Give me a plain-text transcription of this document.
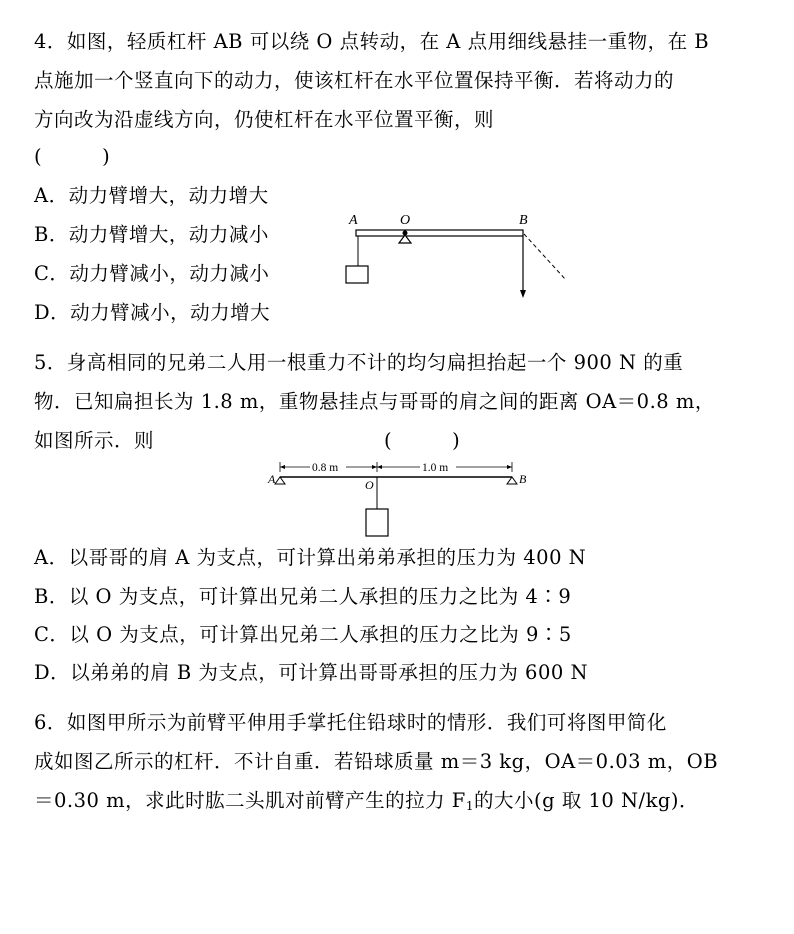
4．如图，轻质杠杆 AB 可以绕 O 点转动，在 A 点用细线悬挂一重物，在 B
点施加一个竖直向下的动力，使该杠杆在水平位置保持平衡．若将动力的
方向改为沿虚线方向，仍使杠杆在水平位置平衡，则
(　　　)
A．动力臂增大，动力增大
B．动力臂增大，动力减小
C．动力臂减小，动力减小
D．动力臂减小，动力增大
A	O	B
5．身高相同的兄弟二人用一根重力不计的均匀扁担抬起一个 900 N 的重
物．已知扁担长为 1.8 m，重物悬挂点与哥哥的肩之间的距离 OA＝0.8 m，
如图所示．则	(　　　)
0.8 m	1.0 m
A	B
O
A．以哥哥的肩 A 为支点，可计算出弟弟承担的压力为 400 N
B．以 O 为支点，可计算出兄弟二人承担的压力之比为 4∶9
C．以 O 为支点，可计算出兄弟二人承担的压力之比为 9∶5
D．以弟弟的肩 B 为支点，可计算出哥哥承担的压力为 600 N
6．如图甲所示为前臂平伸用手掌托住铅球时的情形．我们可将图甲简化
成如图乙所示的杠杆．不计自重．若铅球质量 m＝3 kg，OA＝0.03 m，OB
＝0.30 m，求此时肱二头肌对前臂产生的拉力 $F_1$的大小(g 取 10 N/kg)．
